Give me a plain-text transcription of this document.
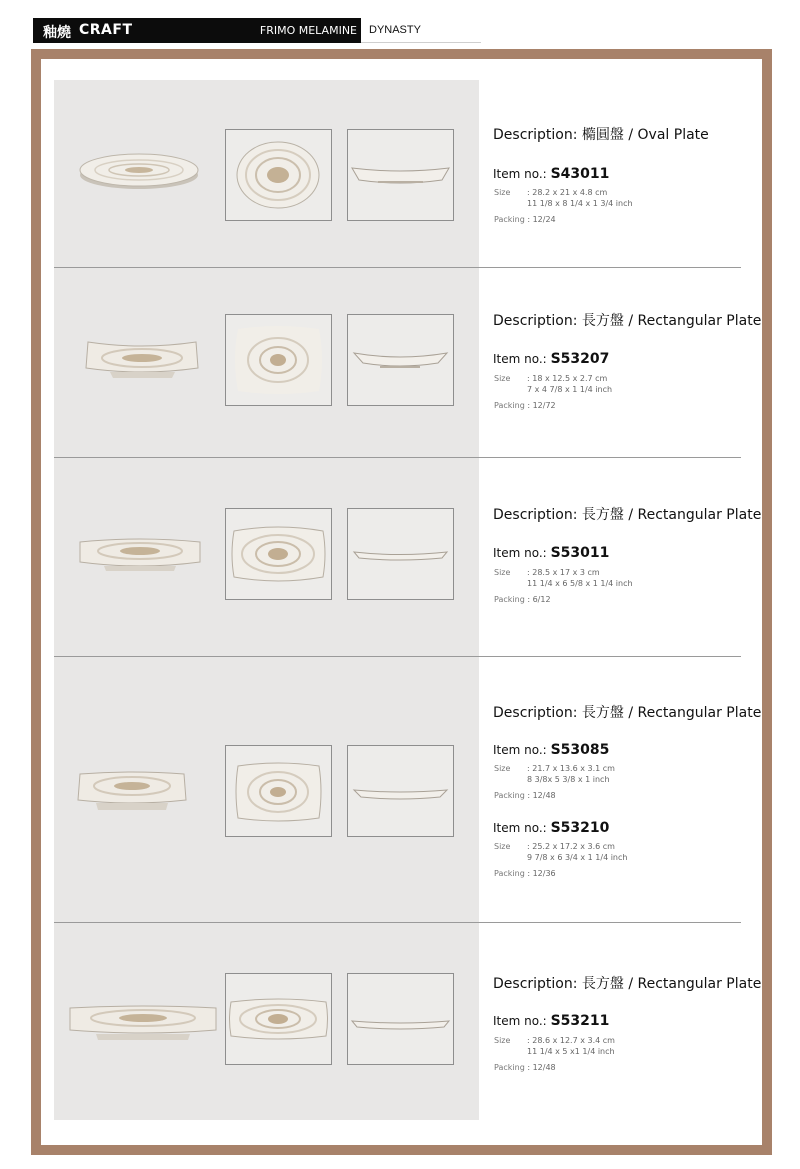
釉燒 CRAFT	FRIMO MELAMINE	DYNASTY
Description: 橢圓盤 / Oval Plate
Item no.: S43011
Size	: 28.2 x 21 x 4.8 cm
11 1/8 x 8 1/4 x 1 3/4 inch
Packing
: 12/24
Description: 長方盤 / Rectangular Plate
Item no.: S53207
Size	: 18 x 12.5 x 2.7 cm
7 x 4 7/8 x 1 1/4 inch
Packing
: 12/72
Description: 長方盤 / Rectangular Plate
Item no.: S53011
Size	: 28.5 x 17 x 3 cm
11 1/4 x 6 5/8 x 1 1/4 inch
Packing
: 6/12
Description: 長方盤 / Rectangular Plate
Item no.: S53085
Size	: 21.7 x 13.6 x 3.1 cm
8 3/8x 5 3/8 x 1 inch
Packing
: 12/48
Item no.: S53210
Size	: 25.2 x 17.2 x 3.6 cm
9 7/8 x 6 3/4 x 1 1/4 inch
Packing
: 12/36
Description: 長方盤 / Rectangular Plate
Item no.: S53211
Size	: 28.6 x 12.7 x 3.4 cm
11 1/4 x 5 x1 1/4 inch
Packing
: 12/48
